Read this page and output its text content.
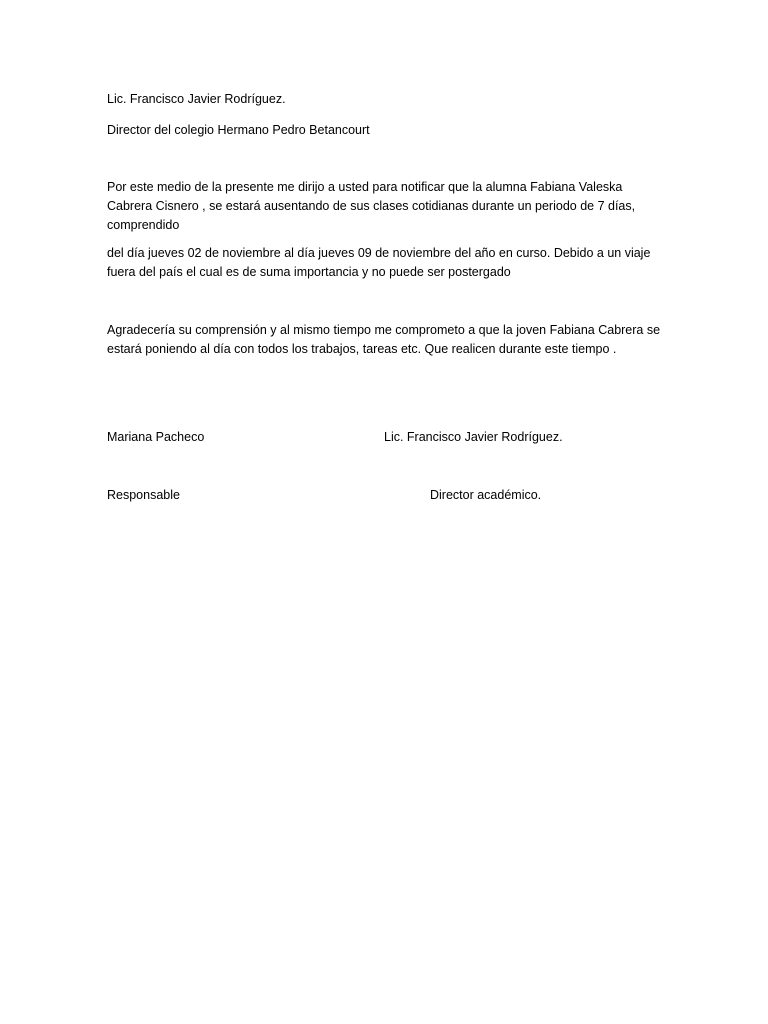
Lic. Francisco Javier Rodríguez.

Director del colegio Hermano Pedro Betancourt

Por este medio de la presente me dirijo a usted para notificar que la alumna Fabiana Valeska
Cabrera Cisnero , se estará ausentando de sus clases cotidianas durante un periodo de 7 días,
comprendido
del día jueves 02 de noviembre al día jueves 09 de noviembre del año en curso. Debido a un viaje
fuera del país el cual es de suma importancia y no puede ser postergado
Agradecería su comprensión y al mismo tiempo me comprometo a que la joven Fabiana Cabrera se
estará poniendo al día con todos los trabajos, tareas etc. Que realicen durante este tiempo .

Mariana Pacheco	Lic. Francisco Javier Rodríguez.

Responsable	Director académico.
